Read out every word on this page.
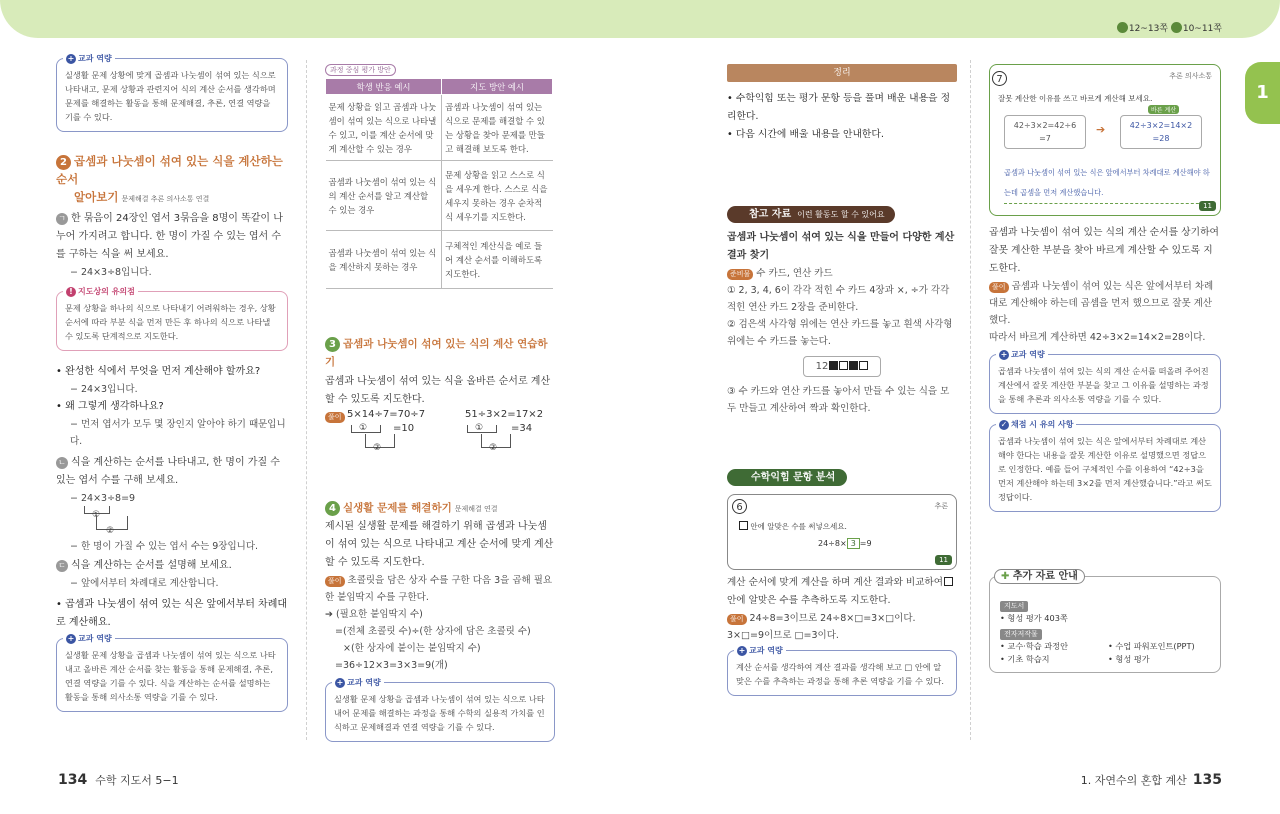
12~13쪽 10~11쪽
1
+ 교과 역량
실생활 문제 상황에 맞게 곱셈과 나눗셈이 섞여 있는 식으로 나타내고, 문제 상황과 관련지어 식의 계산 순서를 생각하며 문제를 해결하는 활동을 통해 문제해결, 추론, 연결 역량을 기를 수 있다.
2 곱셈과 나눗셈이 섞여 있는 식을 계산하는 순서
알아보기 문제해결 추론 의사소통 연결
ㄱ 한 묶음이 24장인 엽서 3묶음을 8명이 똑같이 나누어 가지려고 합니다. 한 명이 가질 수 있는 엽서 수를 구하는 식을 써 보세요.
− 24×3÷8입니다.
! 지도상의 유의점
문제 상황을 하나의 식으로 나타내기 어려워하는 경우, 상황 순서에 따라 부분 식을 먼저 만든 후 하나의 식으로 나타낼 수 있도록 단계적으로 지도한다.
• 완성한 식에서 무엇을 먼저 계산해야 할까요?
− 24×3입니다.
• 왜 그렇게 생각하나요?
− 먼저 엽서가 모두 몇 장인지 알아야 하기 때문입니다.
ㄴ 식을 계산하는 순서를 나타내고, 한 명이 가질 수 있는 엽서 수를 구해 보세요.
− 24×3÷8=9
①
②
− 한 명이 가질 수 있는 엽서 수는 9장입니다.
ㄷ 식을 계산하는 순서를 설명해 보세요.
− 앞에서부터 차례대로 계산합니다.
• 곱셈과 나눗셈이 섞여 있는 식은 앞에서부터 차례대로 계산해요.
+ 교과 역량
실생활 문제 상황을 곱셈과 나눗셈이 섞여 있는 식으로 나타내고 올바른 계산 순서를 찾는 활동을 통해 문제해결, 추론, 연결 역량을 기를 수 있다. 식을 계산하는 순서를 설명하는 활동을 통해 의사소통 역량을 기를 수 있다.
134 수학 지도서 5−1
과정 중심 평가 방안
학생 반응 예시	지도 방안 예시
문제 상황을 읽고 곱셈과 나눗셈이 섞여 있는 식으로 나타낼 수 있고, 이를 계산 순서에 맞게 계산할 수 있는 경우	곱셈과 나눗셈이 섞여 있는 식으로 문제를 해결할 수 있는 상황을 찾아 문제를 만들고 해결해 보도록 한다.
곱셈과 나눗셈이 섞여 있는 식의 계산 순서를 알고 계산할 수 있는 경우	문제 상황을 읽고 스스로 식을 세우게 한다. 스스로 식을 세우지 못하는 경우 순차적 식 세우기를 지도한다.
곱셈과 나눗셈이 섞여 있는 식을 계산하지 못하는 경우	구체적인 계산식을 예로 들어 계산 순서를 이해하도록 지도한다.
3 곱셈과 나눗셈이 섞여 있는 식의 계산 연습하기
곱셈과 나눗셈이 섞여 있는 식을 올바른 순서로 계산할 수 있도록 지도한다.
풀이 5×14÷7=70÷7
①	=10
②
51÷3×2=17×2
①	=34
②
4 실생활 문제를 해결하기 문제해결 연결
제시된 실생활 문제를 해결하기 위해 곱셈과 나눗셈이 섞여 있는 식으로 나타내고 계산 순서에 맞게 계산할 수 있도록 지도한다.
풀이 초콜릿을 담은 상자 수를 구한 다음 3을 곱해 필요한 붙임딱지 수를 구한다.
➔ (필요한 붙임딱지 수)
=(전체 초콜릿 수)÷(한 상자에 담은 초콜릿 수)
×(한 상자에 붙이는 붙임딱지 수)
=36÷12×3=3×3=9(개)
+ 교과 역량
실생활 문제 상황을 곱셈과 나눗셈이 섞여 있는 식으로 나타내어 문제를 해결하는 과정을 통해 수학의 실용적 가치를 인식하고 문제해결과 연결 역량을 기를 수 있다.
정리
• 수학익힘 또는 평가 문항 등을 풀며 배운 내용을 정리한다.
• 다음 시간에 배울 내용을 안내한다.
참고 자료 이런 활동도 할 수 있어요
곱셈과 나눗셈이 섞여 있는 식을 만들어 다양한 계산 결과 찾기
준비물 수 카드, 연산 카드
① 2, 3, 4, 6이 각각 적힌 수 카드 4장과 ×, ÷가 각각 적힌 연산 카드 2장을 준비한다.
② 검은색 사각형 위에는 연산 카드를 놓고 흰색 사각형 위에는 수 카드를 놓는다.
12
③ 수 카드와 연산 카드를 놓아서 만들 수 있는 식을 모두 만들고 계산하여 짝과 확인한다.
수학익힘 문항 분석
6	추론
안에 알맞은 수를 써넣으세요.
24÷8× 3 =9
11
계산 순서에 맞게 계산을 하며 계산 결과와 비교하여
안에 알맞은 수를 추측하도록 지도한다.
풀이 24÷8=3이므로 24÷8×□=3×□이다.
3×□=9이므로 □=3이다.
+ 교과 역량
계산 순서를 생각하여 계산 결과를 생각해 보고 □ 안에 알맞은 수를 추측하는 과정을 통해 추론 역량을 기를 수 있다.
7	추론 의사소통
잘못 계산한 이유를 쓰고 바르게 계산해 보세요.
42÷3×2=42÷6
=7
➔
바른 계산
42÷3×2=14×2
=28
곱셈과 나눗셈이 섞여 있는 식은 앞에서부터 차례대로 계산해야 하는데 곱셈을 먼저 계산했습니다.
11
곱셈과 나눗셈이 섞여 있는 식의 계산 순서를 상기하여 잘못 계산한 부분을 찾아 바르게 계산할 수 있도록 지도한다.
풀이 곱셈과 나눗셈이 섞여 있는 식은 앞에서부터 차례대로 계산해야 하는데 곱셈을 먼저 했으므로 잘못 계산했다.
따라서 바르게 계산하면 42÷3×2=14×2=28이다.
+ 교과 역량
곱셈과 나눗셈이 섞여 있는 식의 계산 순서를 떠올려 주어진 계산에서 잘못 계산한 부분을 찾고 그 이유를 설명하는 과정을 통해 추론과 의사소통 역량을 기를 수 있다.
✓ 채점 시 유의 사항
곱셈과 나눗셈이 섞여 있는 식은 앞에서부터 차례대로 계산해야 한다는 내용을 잘못 계산한 이유로 설명했으면 정답으로 인정한다. 예를 들어 구체적인 수를 이용하여 “42÷3을 먼저 계산해야 하는데 3×2를 먼저 계산했습니다.”라고 써도 정답이다.
✚ 추가 자료 안내
지도서
• 형성 평가 403쪽
전자저작물
• 교수·학습 과정안	• 수업 파워포인트(PPT)
• 기초 학습지	• 형성 평가
1. 자연수의 혼합 계산 135
